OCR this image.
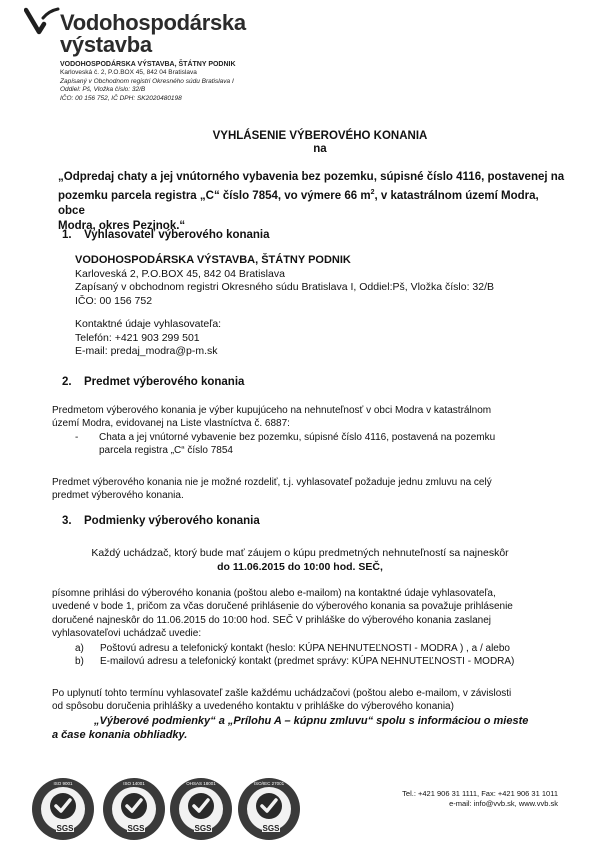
Vodohospodárska
výstavba
VODOHOSPODÁRSKA VÝSTAVBA, ŠTÁTNY PODNIK
Karloveská č. 2, P.O.BOX 45, 842 04 Bratislava
Zapísaný v Obchodnom registri Okresného súdu Bratislava I
Oddiel: Pš, Vložka číslo: 32/B
IČO: 00 156 752, IČ DPH: SK2020480198
VYHLÁSENIE VÝBEROVÉHO KONANIA
na
„Odpredaj chaty a jej vnútorného vybavenia bez pozemku, súpisné číslo 4116, postavenej na
pozemku parcela registra „C“ číslo 7854, vo výmere 66 $m^2$, v katastrálnom území Modra, obce
Modra, okres Pezinok.“
1. Vyhlasovateľ výberového konania
VODOHOSPODÁRSKA VÝSTAVBA, ŠTÁTNY PODNIK
Karloveská 2, P.O.BOX 45, 842 04 Bratislava
Zapísaný v obchodnom registri Okresného súdu Bratislava I, Oddiel:Pš, Vložka číslo: 32/B
IČO: 00 156 752
Kontaktné údaje vyhlasovateľa:
Telefón: +421 903 299 501
E-mail: predaj_modra@p-m.sk
2. Predmet výberového konania
Predmetom výberového konania je výber kupujúceho na nehnuteľnosť v obci Modra v katastrálnom
území Modra, evidovanej na Liste vlastníctva č. 6887:
- Chata a jej vnútorné vybavenie bez pozemku, súpisné číslo 4116, postavená na pozemku
parcela registra „C“ číslo 7854
Predmet výberového konania nie je možné rozdeliť, t.j. vyhlasovateľ požaduje jednu zmluvu na celý
predmet výberového konania.
3. Podmienky výberového konania
Každý uchádzač, ktorý bude mať záujem o kúpu predmetných nehnuteľností sa najneskôr
do 11.06.2015 do 10:00 hod. SEČ,
písomne prihlási do výberového konania (poštou alebo e-mailom) na kontaktné údaje vyhlasovateľa,
uvedené v bode 1, pričom za včas doručené prihlásenie do výberového konania sa považuje prihlásenie
doručené najneskôr do 11.06.2015 do 10:00 hod. SEČ V prihláške do výberového konania zaslanej
vyhlasovateľovi uchádzač uvedie:
a) Poštovú adresu a telefonický kontakt (heslo: KÚPA NEHNUTEĽNOSTI - MODRA ) , a / alebo
b) E-mailovú adresu a telefonický kontakt (predmet správy: KÚPA NEHNUTEĽNOSTI - MODRA)
Po uplynutí tohto termínu vyhlasovateľ zašle každému uchádzačovi (poštou alebo e-mailom, v závislosti
od spôsobu doručenia prihlášky a uvedeného kontaktu v prihláške do výberového konania)
„Výberové podmienky“ a „Prílohu A – kúpnu zmluvu“ spolu s informáciou o mieste
a čase konania obhliadky.
Tel.: +421 906 31 1111, Fax: +421 906 31 1011
e-mail: info@vvb.sk, www.vvb.sk
ISO 9001
SGS
ISO 14001
SGS
OHSAS 18001
SGS
ISO/IEC 27001
SGS
